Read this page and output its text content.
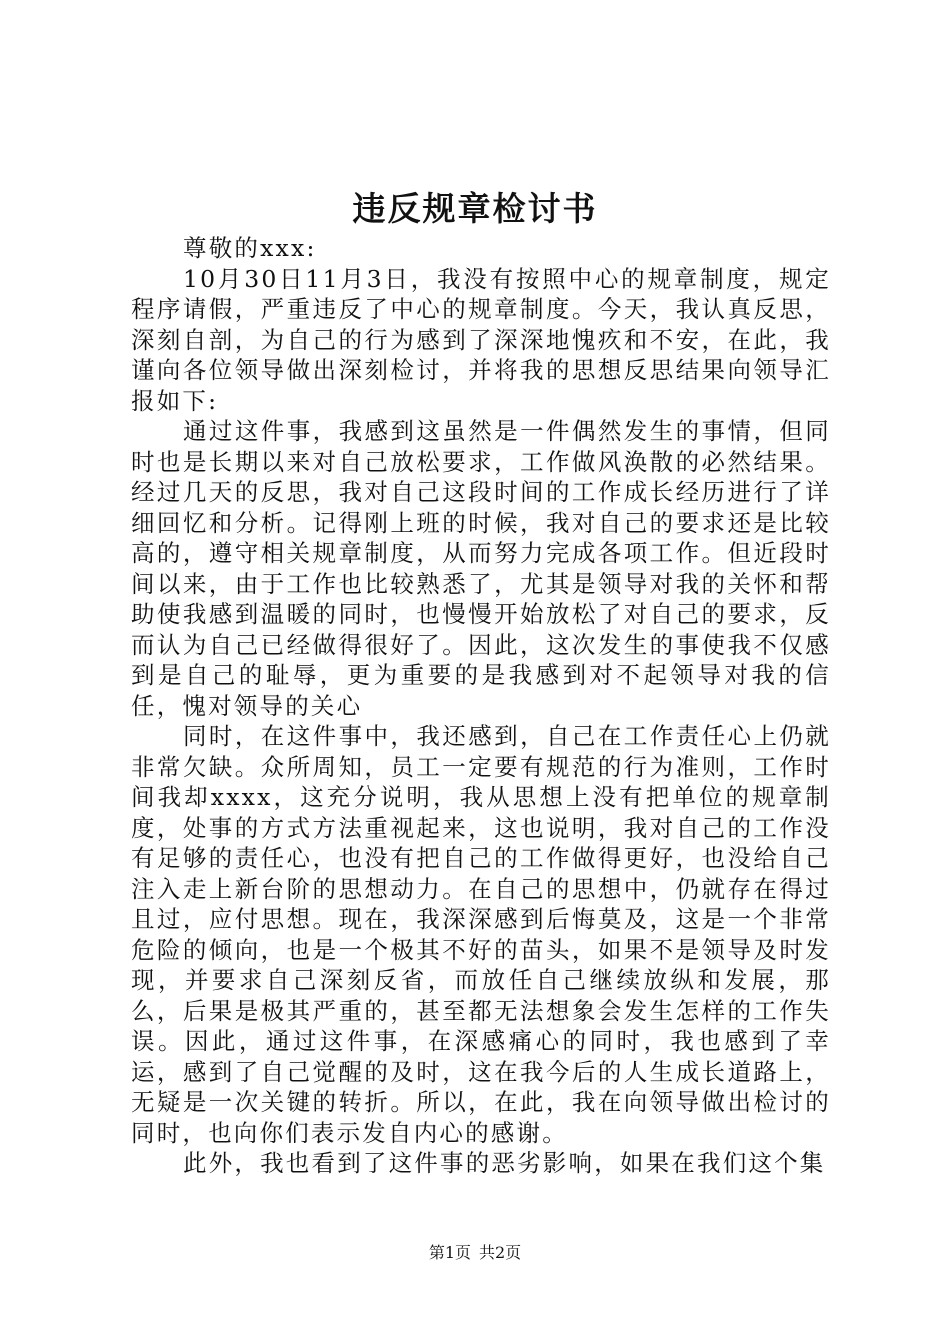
违反规章检讨书

尊敬的xxx:

10月30日11月3日，我没有按照中心的规章制度，规定程序请假，严重违反了中心的规章制度。今天，我认真反思，深刻自剖，为自己的行为感到了深深地愧疚和不安，在此，我谨向各位领导做出深刻检讨，并将我的思想反思结果向领导汇报如下:

通过这件事，我感到这虽然是一件偶然发生的事情，但同时也是长期以来对自己放松要求，工作做风涣散的必然结果。经过几天的反思，我对自己这段时间的工作成长经历进行了详细回忆和分析。记得刚上班的时候，我对自己的要求还是比较高的，遵守相关规章制度，从而努力完成各项工作。但近段时间以来，由于工作也比较熟悉了，尤其是领导对我的关怀和帮助使我感到温暖的同时，也慢慢开始放松了对自己的要求，反而认为自己已经做得很好了。因此，这次发生的事使我不仅感到是自己的耻辱，更为重要的是我感到对不起领导对我的信任，愧对领导的关心

同时，在这件事中，我还感到，自己在工作责任心上仍就非常欠缺。众所周知，员工一定要有规范的行为准则，工作时间我却xxxx，这充分说明，我从思想上没有把单位的规章制度，处事的方式方法重视起来，这也说明，我对自己的工作没有足够的责任心，也没有把自己的工作做得更好，也没给自己注入走上新台阶的思想动力。在自己的思想中，仍就存在得过且过，应付思想。现在，我深深感到后悔莫及，这是一个非常危险的倾向，也是一个极其不好的苗头，如果不是领导及时发现，并要求自己深刻反省，而放任自己继续放纵和发展，那么，后果是极其严重的，甚至都无法想象会发生怎样的工作失误。因此，通过这件事，在深感痛心的同时，我也感到了幸运，感到了自己觉醒的及时，这在我今后的人生成长道路上，无疑是一次关键的转折。所以，在此，我在向领导做出检讨的同时，也向你们表示发自内心的感谢。

此外，我也看到了这件事的恶劣影响，如果在我们这个集

第1页 共2页
